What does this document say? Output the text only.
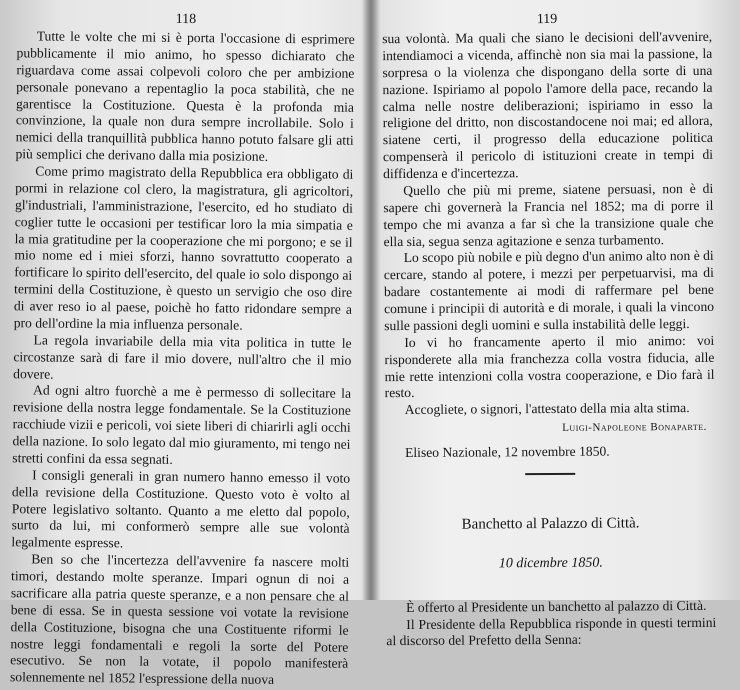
118

Tutte le volte che mi si è porta l'occasione di esprimere pubblicamente il mio animo, ho spesso dichiarato che riguardava come assai colpevoli coloro che per ambizione personale ponevano a repentaglio la poca stabilità, che ne garentisce la Costituzione. Questa è la profonda mia convinzione, la quale non dura sempre incrollabile. Solo i nemici della tranquillità pubblica hanno potuto falsare gli atti più semplici che derivano dalla mia posizione.

Come primo magistrato della Repubblica era obbligato di pormi in relazione col clero, la magistratura, gli agricoltori, gl'industriali, l'amministrazione, l'esercito, ed ho studiato di coglier tutte le occasioni per testificar loro la mia simpatia e la mia gratitudine per la cooperazione che mi porgono; e se il mio nome ed i miei sforzi, hanno sovrattutto cooperato a fortificare lo spirito dell'esercito, del quale io solo dispongo ai termini della Costituzione, è questo un servigio che oso dire di aver reso io al paese, poichè ho fatto ridondare sempre a pro dell'ordine la mia influenza personale.

La regola invariabile della mia vita politica in tutte le circostanze sarà di fare il mio dovere, null'altro che il mio dovere.

Ad ogni altro fuorchè a me è permesso di sollecitare la revisione della nostra legge fondamentale. Se la Costituzione racchiude vizii e pericoli, voi siete liberi di chiarirli agli occhi della nazione. Io solo legato dal mio giuramento, mi tengo nei stretti confini da essa segnati.

I consigli generali in gran numero hanno emesso il voto della revisione della Costituzione. Questo voto è volto al Potere legislativo soltanto. Quanto a me eletto dal popolo, surto da lui, mi conformerò sempre alle sue volontà legalmente espresse.

Ben so che l'incertezza dell'avvenire fa nascere molti timori, destando molte speranze. Impari ognun di noi a sacrificare alla patria queste speranze, e a non pensare che al bene di essa. Se in questa sessione voi votate la revisione della Costituzione, bisogna che una Costituente riformi le nostre leggi fondamentali e regoli la sorte del Potere esecutivo. Se non la votate, il popolo manifesterà solennemente nel 1852 l'espressione della nuova

119

sua volontà. Ma quali che siano le decisioni dell'avvenire, intendiamoci a vicenda, affinchè non sia mai la passione, la sorpresa o la violenza che dispongano della sorte di una nazione. Ispiriamo al popolo l'amore della pace, recando la calma nelle nostre deliberazioni; ispiriamo in esso la religione del dritto, non discostandocene noi mai; ed allora, siatene certi, il progresso della educazione politica compenserà il pericolo di istituzioni create in tempi di diffidenza e d'incertezza.

Quello che più mi preme, siatene persuasi, non è di sapere chi governerà la Francia nel 1852; ma di porre il tempo che mi avanza a far sì che la transizione quale che ella sia, segua senza agitazione e senza turbamento.

Lo scopo più nobile e più degno d'un animo alto non è di cercare, stando al potere, i mezzi per perpetuarvisi, ma di badare costantemente ai modi di raffermare pel bene comune i principii di autorità e di morale, i quali la vincono sulle passioni degli uomini e sulla instabilità delle leggi.

Io vi ho francamente aperto il mio animo: voi risponderete alla mia franchezza colla vostra fiducia, alle mie rette intenzioni colla vostra cooperazione, e Dio farà il resto.

Accogliete, o signori, l'attestato della mia alta stima.

Luigi-Napoleone Bonaparte.

Eliseo Nazionale, 12 novembre 1850.

Banchetto al Palazzo di Città.
10 dicembre 1850.

È offerto al Presidente un banchetto al palazzo di Città.

Il Presidente della Repubblica risponde in questi termini al discorso del Prefetto della Senna:
